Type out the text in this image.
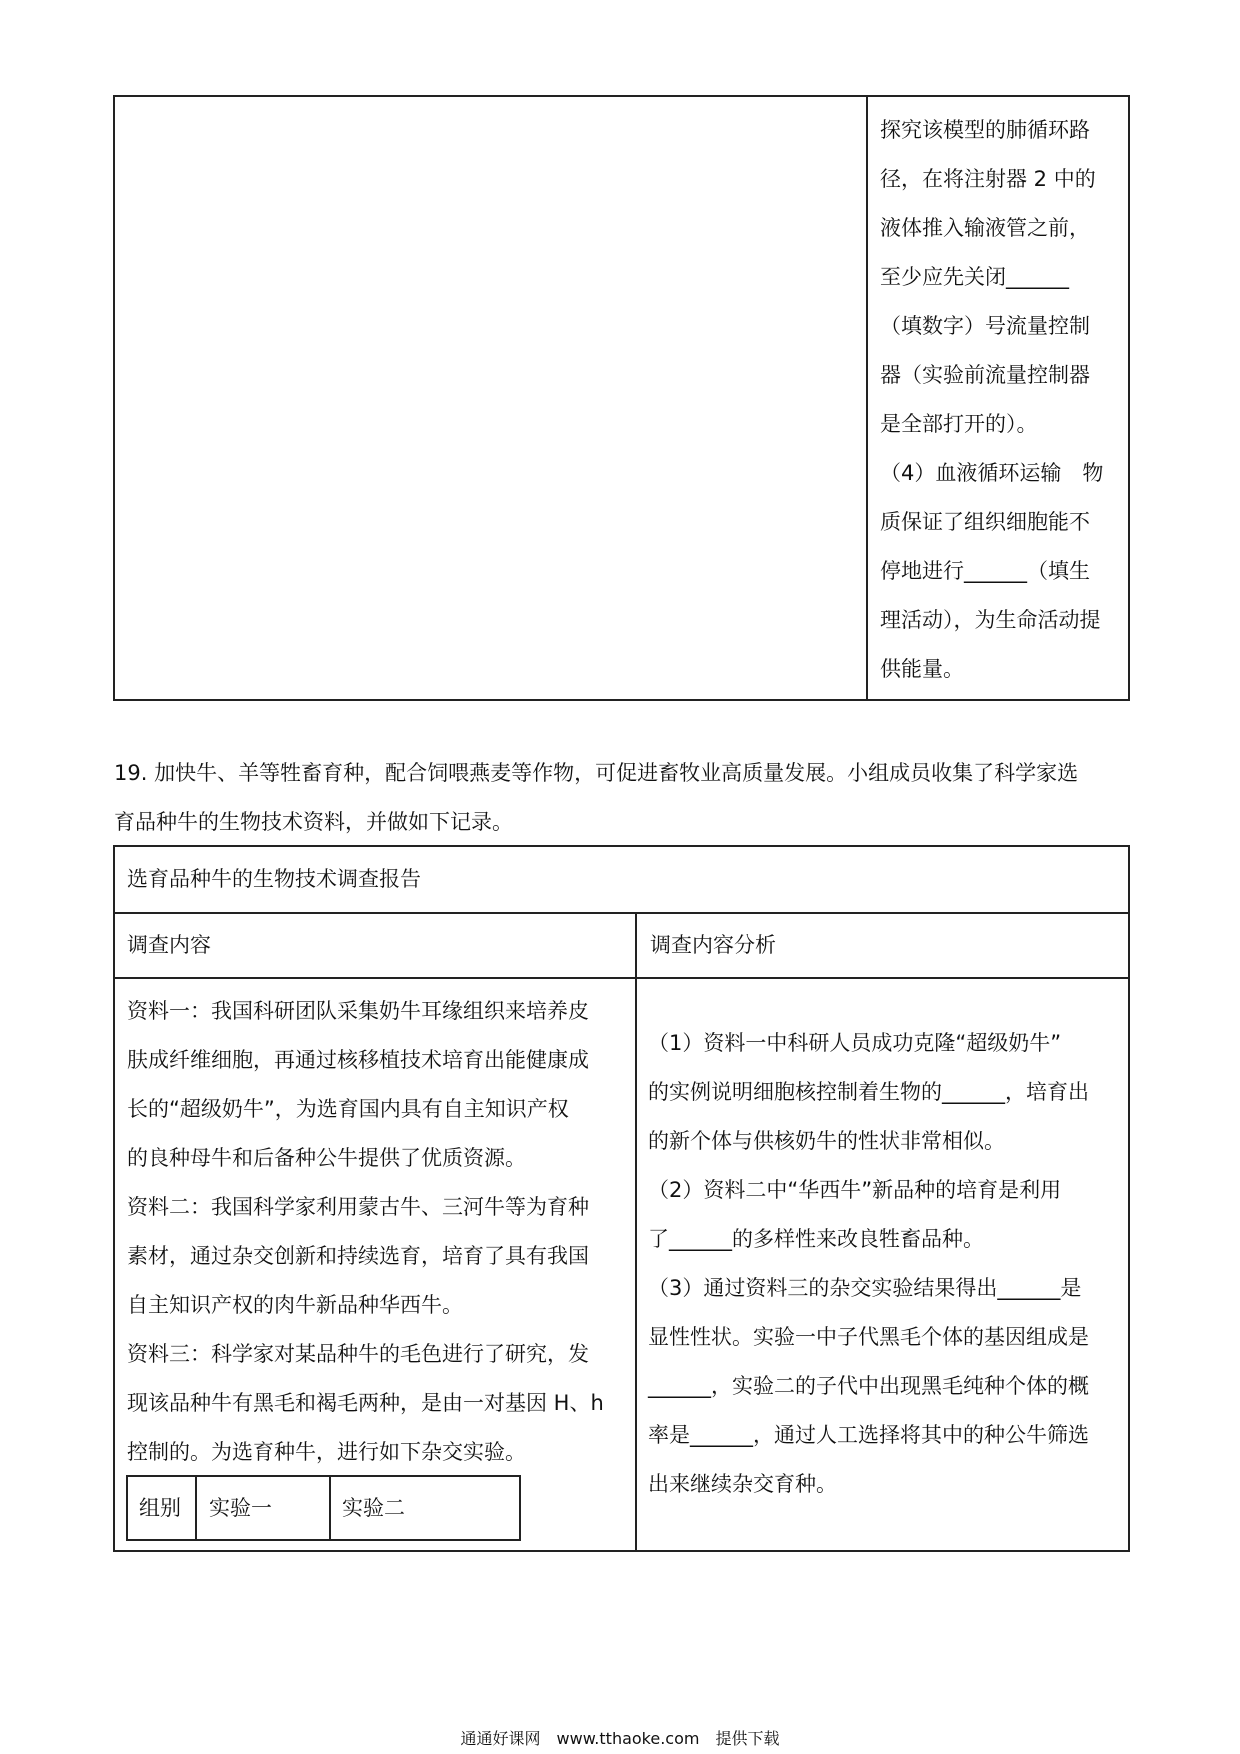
探究该模型的肺循环路
径，在将注射器 2 中的
液体推入输液管之前，
至少应先关闭______
（填数字）号流量控制
器（实验前流量控制器
是全部打开的）。
（4）血液循环运输　物
质保证了组织细胞能不
停地进行______（填生
理活动），为生命活动提
供能量。
19. 加快牛、羊等牲畜育种，配合饲喂燕麦等作物，可促进畜牧业高质量发展。小组成员收集了科学家选
育品种牛的生物技术资料，并做如下记录。
选育品种牛的生物技术调查报告
调查内容	调查内容分析
资料一：我国科研团队采集奶牛耳缘组织来培养皮
肤成纤维细胞，再通过核移植技术培育出能健康成
长的“超级奶牛”，为选育国内具有自主知识产权
的良种母牛和后备种公牛提供了优质资源。
资料二：我国科学家利用蒙古牛、三河牛等为育种
素材，通过杂交创新和持续选育，培育了具有我国
自主知识产权的肉牛新品种华西牛。
资料三：科学家对某品种牛的毛色进行了研究，发
现该品种牛有黑毛和褐毛两种，是由一对基因 H、h
控制的。为选育种牛，进行如下杂交实验。
组别 实验一	实验二
（1）资料一中科研人员成功克隆“超级奶牛”
的实例说明细胞核控制着生物的______，培育出
的新个体与供核奶牛的性状非常相似。
（2）资料二中“华西牛”新品种的培育是利用
了______的多样性来改良牲畜品种。
（3）通过资料三的杂交实验结果得出______是
显性性状。实验一中子代黑毛个体的基因组成是
______，实验二的子代中出现黑毛纯种个体的概
率是______，通过人工选择将其中的种公牛筛选
出来继续杂交育种。
通通好课网　www.tthaoke.com　提供下载
